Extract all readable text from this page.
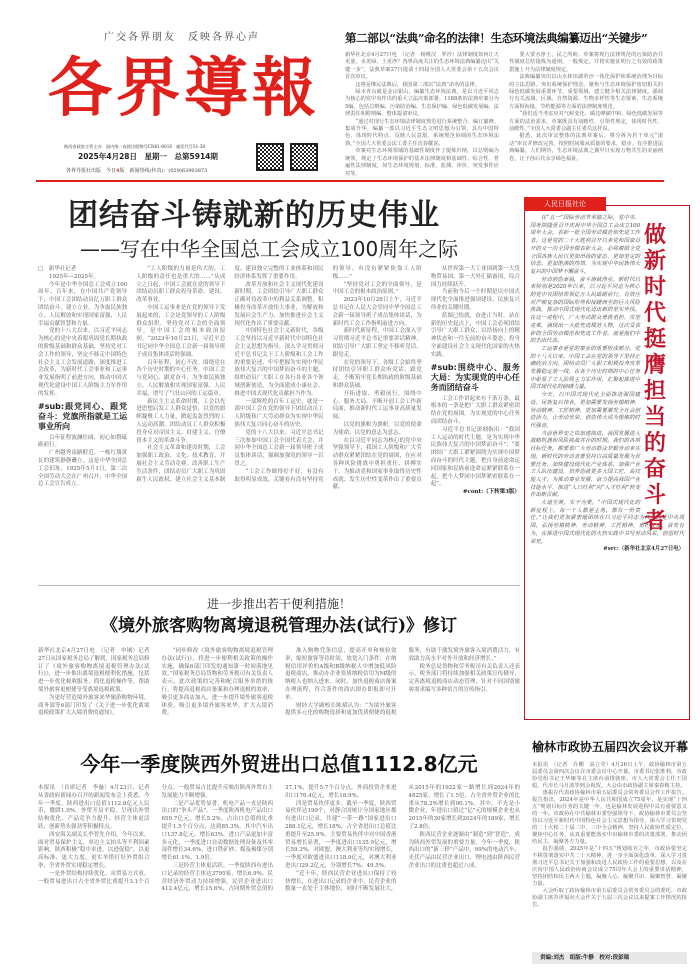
广交各界朋友　反映各界心声
各界導報
陕西省政协主管主办　国内统一连续出版物号CN61-0016　邮发代号51-38
2025年4月28日　星期一　总第5914期
各界导报社出版　今日4版　新闻热线(传真)：(029)63903873
第二部以“法典”命名的法律！生态环境法典编纂迈出“关键步”

新华社北京4月27日电　（记者　杨维汉　罗沙）法律制度如何让天更蓝、水更绿、土更净？各界高度关注的生态环境法典编纂迈出“关键一步”，法典草案27日提请十四届全国人大常委会第十五次会议首次审议。

这将是继民法典后，我国第二部以“法典”命名的法律。

绿水青山就是金山银山。编纂生态环境法典，是以习近平同志为核心的党中央作出的重大立法决策部署。1188条的法典草案分为5编，包括总则编、污染防治编、生态保护编、绿色低碳发展编、法律责任和附则编，整体提请审议。

“通过对现行生态环境法律制度规范进行系统整合、编订纂修、集成升华，编纂一部以习近平生态文明思想为引领、具有中国特色、体现时代特点、反映人民意愿、系统规范协调的生态环境法典。”全国人大常委会法工委主任沈春耀说。

草案对生态环境领域的基础性制度作了提炼归纳，以总则编为统领，规定了生态环境保护的基本法律制度和基础性、综合性、普遍性法律制度，如生态环境规划、标准、监测、评价、突发事件应对等。

要大要水净土，民之所盼。草案将现行法律规范的污染防治共性制度总结提炼为通则，一般规定，并将实施证明行之有效的政策措施上升为法律制度规定。

法典编纂突出以山水林田湖草沙一体化保护和系统治理为目标的立法思路，突出系统保护理念。聚焦与生态环境保护密切相关的绿色低碳发展重要环节，重要领域，建立健全相关法律制度。强调行有关流域、区域、自然资源、生物多样性等生态要素，生态系统方面相衔接，节约能源等方面的法律制度规范。

“我们适当考虑应对气候变化、碳达峰碳中和、绿色低碳发展等方面的法治需求，草案既具有前瞻性、引领性规定，体现时代性、前瞻性。”全国人大常委会副主任委员这样说。

据悉，此次审议整体的法典草案后，将分拆为若干单元“滚动”审议并修改完善。按照时间服从质量的要求，稳步、有序推进法典编纂。人们期待，生态环境法典之翼早日实现万物共生的美丽画卷，让子孙后代永享绿色福祉。

团结奋斗铸就新的历史伟业
——写在中华全国总工会成立100周年之际

□　新华社记者

1925年—2025年。

今年是中华全国总工会成立100周年。百年来，在中国共产党领导下，中国工会团结动员亿万职工群众团结奋斗，建立立业，为争取民族独立、人民解放和实现国家富强、人民幸福贡献智慧和力量。

党的十八大以来，以习近平同志为核心的党中央着眼巩固党长期执政的阶级基础和群众基础，坚持党对工会工作的领导，坚定不移走中国特色社会主义工会发展道路，深度推进工会改革，为新时代工会事业和工运事业发展指明了前进方向，推动中国式现代化建设中国工人阶级主力军作用的发挥。

#sub:跟党同心、跟党奋斗：党旗所指就是工运事业所向

百年征程波澜壮阔，初心如磐砥砺前行。

广州越秀南路附近，一栋红墙黄瓦的建筑静静矗立，这是中华全国总工会旧址。1925年5月1日，第二次全国劳动大会在广州召开，中华全国总工会宣告成立。

“工人阶级的力量是伟大的，工人阶级的责任也是重大的……”从成立之日起，中国工会就在党的领导下团结动员职工群众投身革命、建设、改革事业。

中国工运事业是在党的领导下发展起来的，工会是党领导的工人阶级群众组织。坚持党对工会的全面领导，是中国工会的根本政治原则。“2023年10月23日，习近平总书记同中华全国总工会新一届领导班子成员集体谈话时强调。

百年征程，初心不改。围绕党在各个历史时期的中心任务，中国工会与党同心、跟党奋斗，为争取民族独立、人民解放和实现国家富强、人民幸福，谱写了气壮山河的工运篇章。

新民主主义革命时期，工会以先进思想启发工人群众觉悟，以党的旗帜凝聚工人力量，掀起轰轰烈烈的工人运动高潮，团结动员工人群众积极投身反对帝国主义、封建主义、官僚资本主义的革命斗争。

社会主义革命和建设时期，工会加强职工政治、文化、技术教育，开展社会主义劳动竞赛，改善职工生产生活条件，团结动员广大职工为巩固新生人民政权、建立社会主义基本制度、建设独立完整的工业体系和国民经济体系发挥了重要作用。

改革开放和社会主义现代化建设新时期，工会团结引导广大职工群众正确对待改革中的利益关系调整，积极投身改革开放伟大事业，为解放和发展社会生产力、加快推进社会主义现代化作出了重要贡献。

中国特色社会主义新时代，各级工会坚持以习近平新时代中国特色社会主义思想为指导，深入学习贯彻习近平总书记关于工人阶级和工会工作的重要论述，牢牢把握为实现中华民族伟大复兴的中国梦而奋斗的主题，组织动员广大职工在各行各业各个领域创新创造，为全面建成小康社会、推进中国式现代化贡献担当作为。

一部辉煌的百年工运史，就是一部中国工会在党的领导下团结动员工人阶级和广大劳动群众为实现中华民族伟大复兴同心奋斗的历史。

党的十八大以来，习近平总书记三次参加中国工会全国代表大会，并同中华全国总工会新一届领导班子成员集体谈话，强调加强党的领导一以贯之。

“工会工作做得好不好，有没有取得明显成效，关键看有没有坚持党的领导、有没有紧紧依靠工人阶级……”

“坚持党对工会的全面领导，是中国工会的根本政治原则。”

2023年10月28日上午，习近平总书记在人民大会堂同中华全国总工会新一届领导班子成员集体谈话，为新时代工会工作指明前进方向。

新时代新征程，中国工会深入学习贯彻习近平总书记重要讲话精神，团结引导广大职工坚定不移听党话、跟党走。

在党的领导下，各级工会始终坚持团结引导职工群众听党话、跟党走，不断筑牢党长期执政的阶级基础和群众基础。

开拓进取、勇毅前行。围绕中心、服务大局，不断开创工会工作新局面，推动新时代工运事业高质量发展。

以党的旗帜为旗帜，以党的使命为使命，以党的意志为意志。

在以习近平同志为核心的党中央坚强领导下，我国工人阶级和广大劳动群众紧紧团结在党的周围，在应对各种风险挑战中勇担重任、拼搏实干，为推动党和国家事业取得历史性成就、发生历史性变革作出了重要贡献。

从世界第一大工业国到第一大货物贸易国、第一大外汇储备国，综合国力持续跃升。

当前和今后一个时期是以中国式现代化全面推进强国建设、民族复兴伟业的关键时期。

蓝图已绘就，奋进正当时。站在新的历史起点上，中国工会必须团结引导广大职工群众，以昂扬向上的精神状态和一往无前的奋斗姿态，投身全面建设社会主义现代化国家的火热实践。

#sub:围绕中心、服务大局：为实现党的中心任务而团结奋斗

工会工作讲起来有千条万条，最根本的一条是把广大职工群众紧密团结在党的周围，为实现党的中心任务而团结奋斗。

习近平总书记深刻指出：“我国工人运动的时代主题，是为实现中华民族伟大复兴的中国梦而奋斗”；“要团结广大职工紧紧围绕为实现中国梦而奋斗的时代主题，把自身前途命运同国家和民族前途命运紧紧联系在一起，把个人梦同中国梦紧密联系在一起”。

#cont:（下转第3版）

人民日报社论

在“五一”国际劳动节来临之际，党中央、国务院隆重召开庆祝中华全国总工会成立100周年大会，表彰一批全国劳动模范和先进工作者。这是党的二十大胜利召开以来党和国家召开的又一次全国劳模表彰大会，必将激励全党全国各族人民以更加昂扬的姿态、更加坚定的信念、更加饱满的热情，为实现中华民族伟大复兴的中国梦不懈奋斗。

劳动创造幸福，奋斗铸就伟业。新时代以来特别是2020年以来，以习近平同志为核心的党中央团结带领亿万人民砥砺前行，有效应对严峻复杂的国际形势和接踵而至的巨大风险挑战，推动中国式现代化迈出新的坚实步伐。在这一进程中，广大劳动群众勇挑重担、攻坚克难，涌现出一大批先进模范人物，这次受表彰的全国劳动模范和先进工作者，就是他们中的杰出代表。

工运事业是党的事业的重要组成部分。党的十八大以来，中国工会在党的领导下坚持正确政治方向，团结动员广大职工积极投身改革发展稳定第一线，在各个历史时期的中心任务中彰显了工人阶级主力军作用，汇聚起推进中国式现代化的磅礴力量。

今天，以中国式现代化全面推进强国建设、民族复兴伟业，更加需要发扬劳模精神、劳动精神、工匠精神，更加需要激发全社会创造活力，让劳动光荣、创造伟大成为铿锵的时代强音。

当前世界变之局加速演进，我国发展进入战略机遇和风险挑战并存的时期。我们的各项目标任务，都要靠广大劳动群众辛勤劳动来实现。新时代的劳动者要坚持以高质量发展为首要任务，加快建设现代化产业体系，加强产业工人队伍建设，培养造就更多大国工匠、高技能人才，为推动事业发展、奋力提高我国产业技能水平、推进“人口红利”向“人才红利”转变作出新贡献。

大道至简，实干为要。“中国式现代化的新征程上，每一个人都是主角，都有一份责任。”让我们更加紧密地团结在以习近平同志为核心的党中央周围，弘扬劳模精神、劳动精神、工匠精神，勇担使命、奋发有为，在推进中国式现代化的火热实践中书写劳动风采，创造时代荣光。

#src:（新华社北京4月27日电）

做新时代挺膺担当的奋斗者
进一步推出若干便利措施！
《境外旅客购物离境退税管理办法(试行)》修订

新华社北京4月27日电　（记者　申铖）记者27日从国家税务总局了解到，国家税务总局修订了《境外旅客购物离境退税管理办法(试行)》，进一步推出离境退税便利化措施，包括进一步优化税收服务、简化退税操作等，帮助境外旅客更便捷享受离境退税政策。

为更好营造境外旅客来华旅游购物环境，商务部等6部门印发了《关于进一步优化离境退税政策扩大入境消费的通知》。

“同步修改《境外旅客购物离境退税管理办法(试行)》，将进一步便利相关政策的操作实施，确保6部门印发的通知第一时间落地见效。”国家税务总局货物和劳务税司有关负责人表示，此次政策的完善和配合服务举措的推行，将提高退税商店备案和办理退税的效率，吸引更多商店加入，进一步提升境外旅客退税体验，吸引更多境外旅客来华，扩大入境消费。

准入购物凭条信息，提高开单和核验效率，缩短旅客等待时间，放宽入门条件，在纳税信用评价的A级和B级纳税人中增加低风险退税商店，推动办企业资质纳税信用为M级的纳税人也纳入进来。同时，加快退税商店备案办理流程，符合条件的商店即办即报即可开单。

财经大学副校长陈斌认为：“为境外旅客提供多元化的购物选择和更加优质便捷的退税服务，有助于激发境外旅客入境消费活力，有效助力高水平对外开放和经济增长。”

税务总局货物和劳务税司有关负责人还表示，税务部门将持续加强相关政策宣传辅导，完善离境退税商店动态管理，针对不同国别旅客需求编写多种语言的宣传指引。

今年一季度陕西外贸进出口总值1112.8亿元

本报讯　（首席记者　李璇）4月23日，记者从省政府新闻办召开的新闻发布会上获悉，今年一季度，陕西进出口总值1112.8亿元人民币，微降1.9%。外贸开局平稳，呈现出外贸结构优化、产品竞争力提升、经营主体更活跃、创新势头强劲等积极特点。

西安海关副关长李智先介绍，今年以来，面对贸易保护主义、单边主义抬头等不利因素影响，陕西积极“稳中求进，以进促稳”，以更高标准、更大力度，更实举措打好外贸组合拳，全省外贸实现稳定增长。

一是外贸结构持续优化。从贸易方式看，一般贸易进出口占全省外贸比重提升3.1个百分点。一般贸易占比提升反映出陕西外贸自主发展能力不断增强。

二是产品优势显著。机电产品一直是陕西出口的“拳头产品”。一季度陕西机电产品出口659.7亿元，增长5.2%，占出口总值的比重提升1.5个百分点，达到85.3%，其中汽车出口137.8亿元，增长63%。进口产品更加丰富多元化，一季度进口自动数据处理设备及其零部件增长34.6%，进口铁矿砂、煤及褐煤分别增长61.1%、1.9倍。

三是经营主体更活跃。一季度陕西有进出口记录的经营主体达3795家，增长6.9%。民营经济外贸动力持续增强，民营企业进出口412.4亿元，增长15.6%，占同期外贸总值的37.1%，提升5.7个百分点。外商投资企业进出口176.4亿元，增长18.9%。

四是贸易伙伴更多。截至一季度，陕西贸易伙伴达199个，对静合国统计分国家地区都有进出口记录。共建“一带一路”国家进出口288.1亿元，增长18%，占全省进出口总值比重提升至25.9%。主要贸易伙伴中对中国香港贸易增长显著，一季度进出口135.9亿元，增长59.3%。对欧盟、澳大利亚等均实现增长，一季度对欧盟进出口118.9亿元，对澳大利亚进出口29.2亿元，分别增长7%、49.5%。

“近十年，陕西民营企业进出口保持了较快增长，在进出口记录的企业中，民营企业的数量一直处于主体地位，同时不断发展壮大，从2015年的1922家一路增长到2024年的4825家，增长了1.5倍，占全省外贸企业的比重从78.2%增长到90.1%。其中，不光是小微企业，年进出口值过“亿”元的规模企业也从2015年的30家增长到2024年的189家，增长了2.8倍。

陕西民营企业逐渐由“制造”到“智造”，成为陕西外贸发展的重要力量。今年一季度，陕西出口的“新三样”产品中，99%的电动汽车、光伏产品由民营企业出口，锂电池由陕西民营企业出口的比重也超过八成。

榆林市政协五届四次会议开幕

本报讯　（记者　许鹏　高立莹）4月26日上午，政协榆林市第五届委员会第四次会议在市委会议中心开幕。市委书记张胜利，市政协党组书记王华姬等在主席台前排就座，市人大常委会主任王国彪，代市长马月波等到会祝贺。大会由市政协副主席秦春梅主持。

惠振存代表政协榆林市第五届委员会常务委员会作工作报告。报告指出，2024年是中华人民共和国成立75周年，是实现“十四五”规划目标任务的关键一年，也是榆林发展进程中具有重要意义的一年。市政协在中共榆林市委坚强领导下，政协榆林市委员会坚持以习近平新时代中国特色社会主义思想为指导，深入学习贯彻党的二十大和二十届二中、三中全会精神，坚持人民政协性质定位，聚焦中心任务，从真重要能落实中出榆林市委的决策部署，推动团结民主，凝聚各方力量。

报告强调，2025年是“十四五”规划收官之年，市政协要坚定不移贯彻落实中共二十大精神，进一步全面深化改革，深入学习贯彻习近平总书记关于加强和改进人民政协工作的重要思想，以及在庆祝中国人民政治协商会议成立75周年大会上的重要讲话精神，坚持团结和民主两大主题，凝聚人心、凝聚共识、凝聚智慧、凝聚力量。

大会听取了政协榆林市第五届委员会常务委员会的委托，市政协副主席苏世福向大会作关于五届三次会议以来提案工作情况的报告。

责编:刘杰　组版:牛静　校对:段彭瑞
